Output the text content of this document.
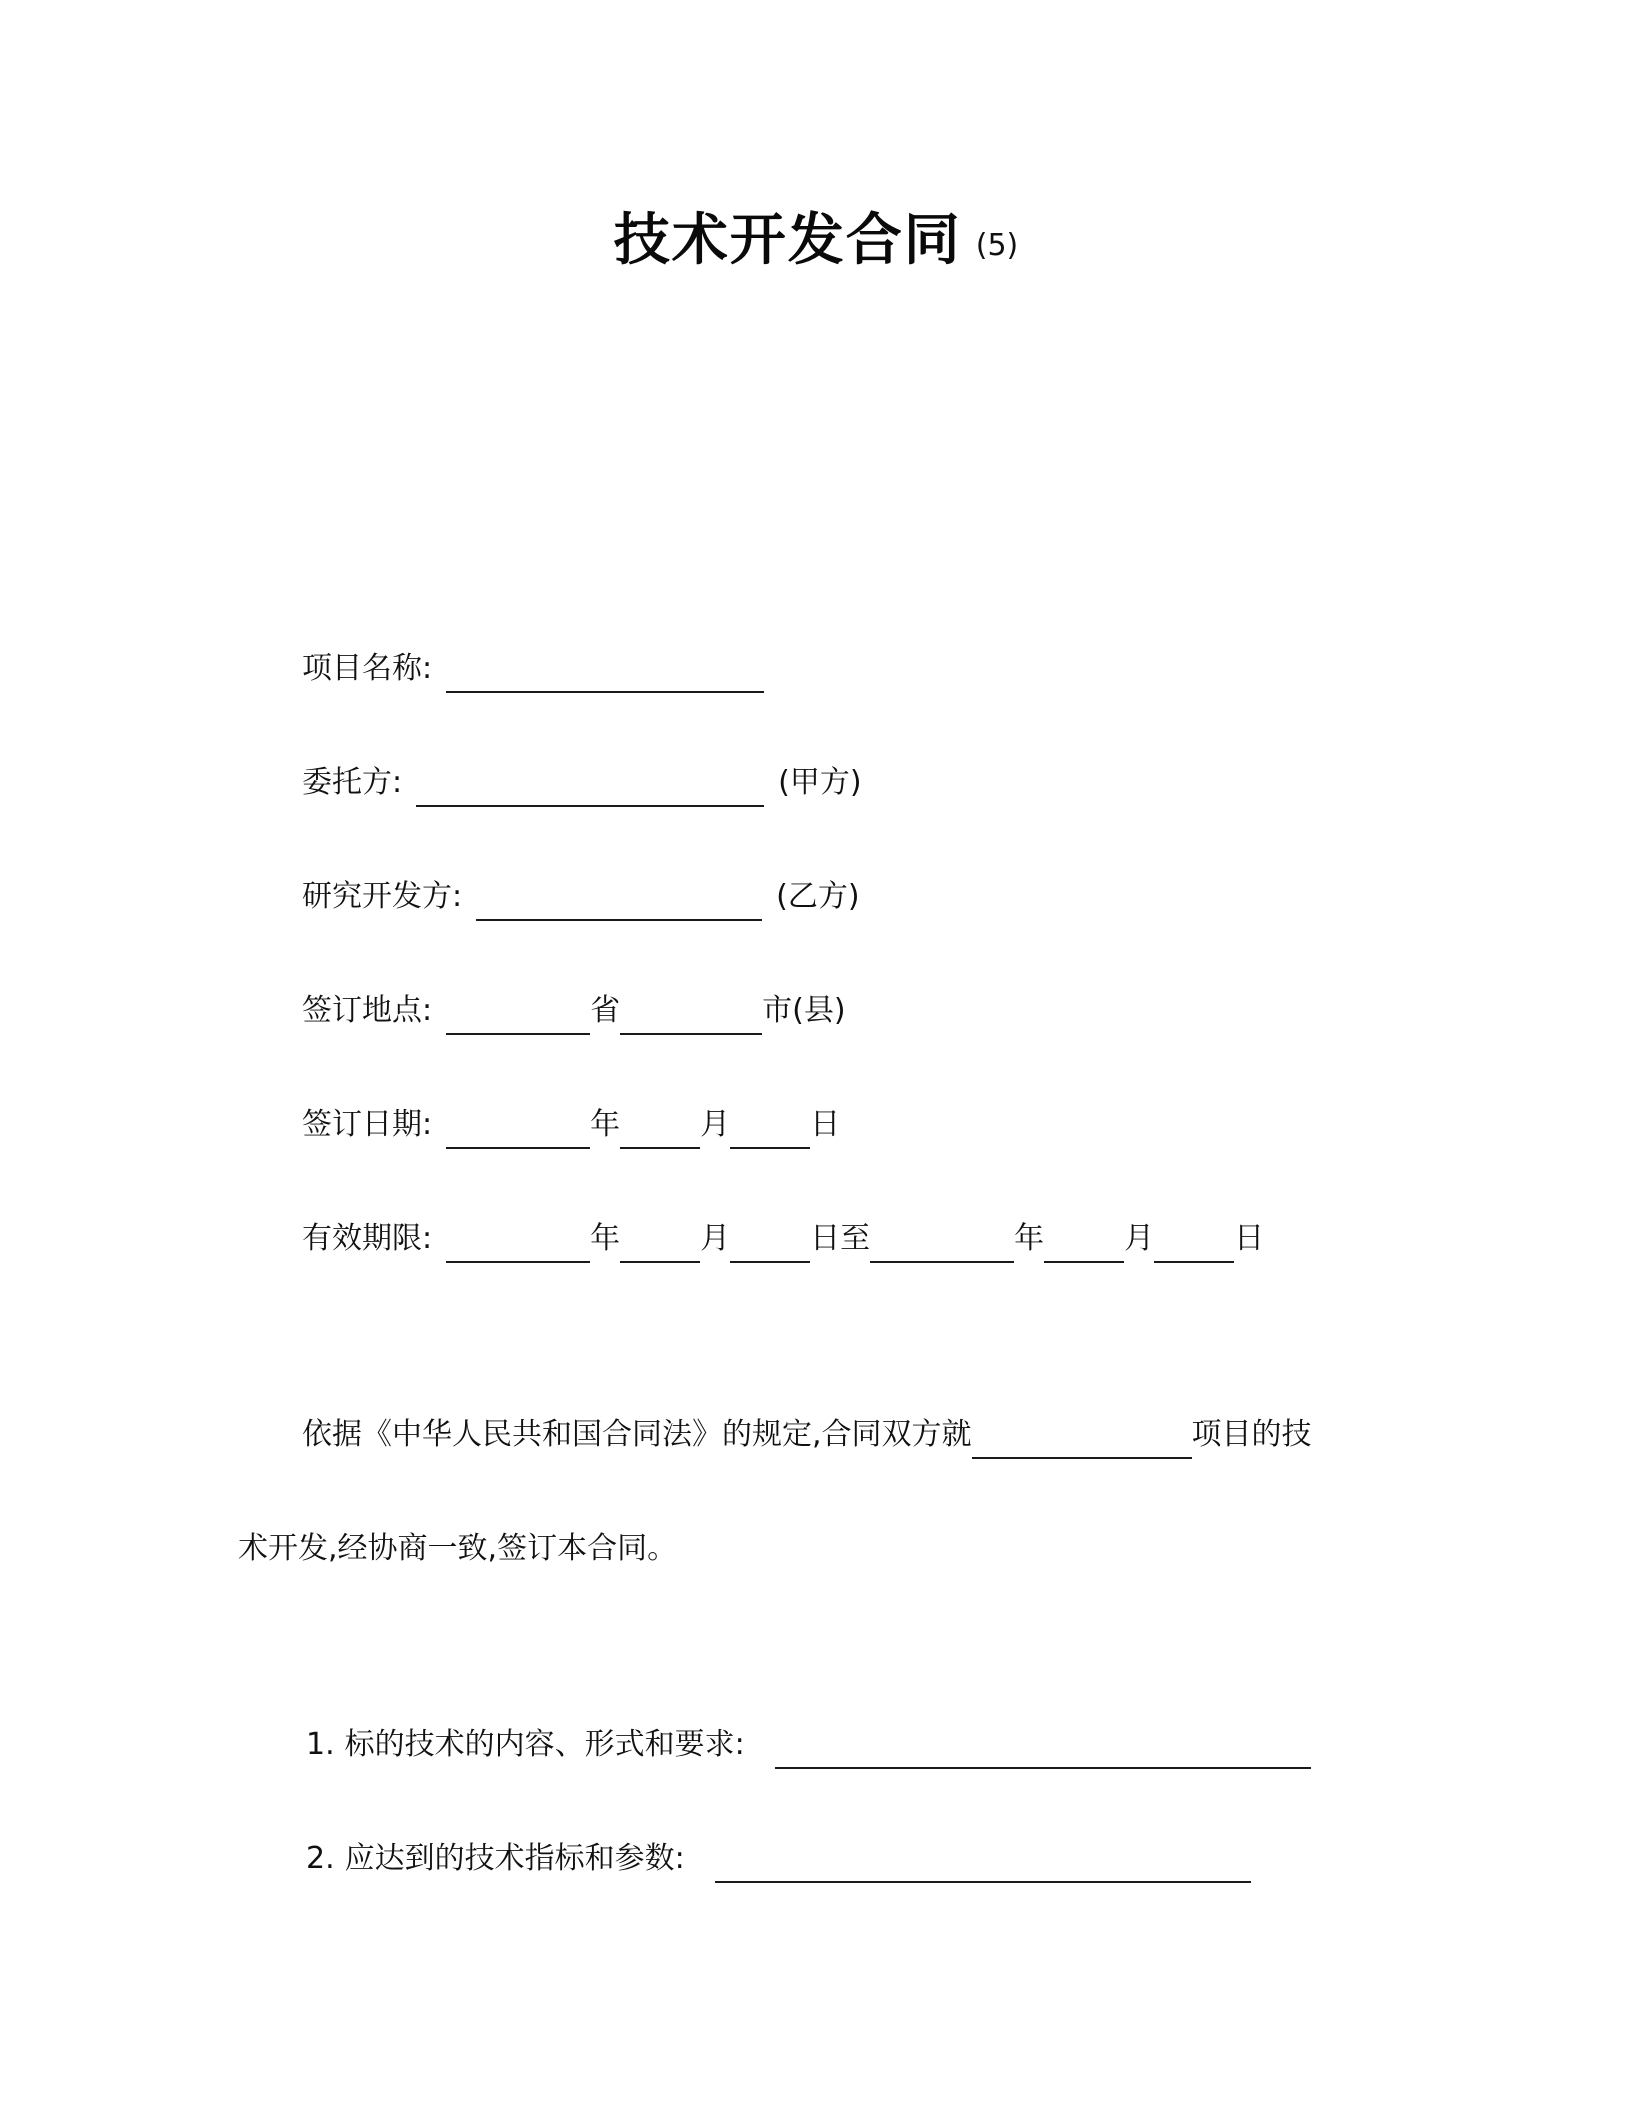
技术开发合同 (5)
项目名称:
委托方:	(甲方)
研究开发方:	(乙方)
签订地点:	省	市(县)
签订日期:	年	月	日
有效期限:	年	月	日至	年	月	日
依据《中华人民共和国合同法》的规定,合同双方就	项目的技
术开发,经协商一致,签订本合同。
1. 标的技术的内容、形式和要求:
2. 应达到的技术指标和参数:
